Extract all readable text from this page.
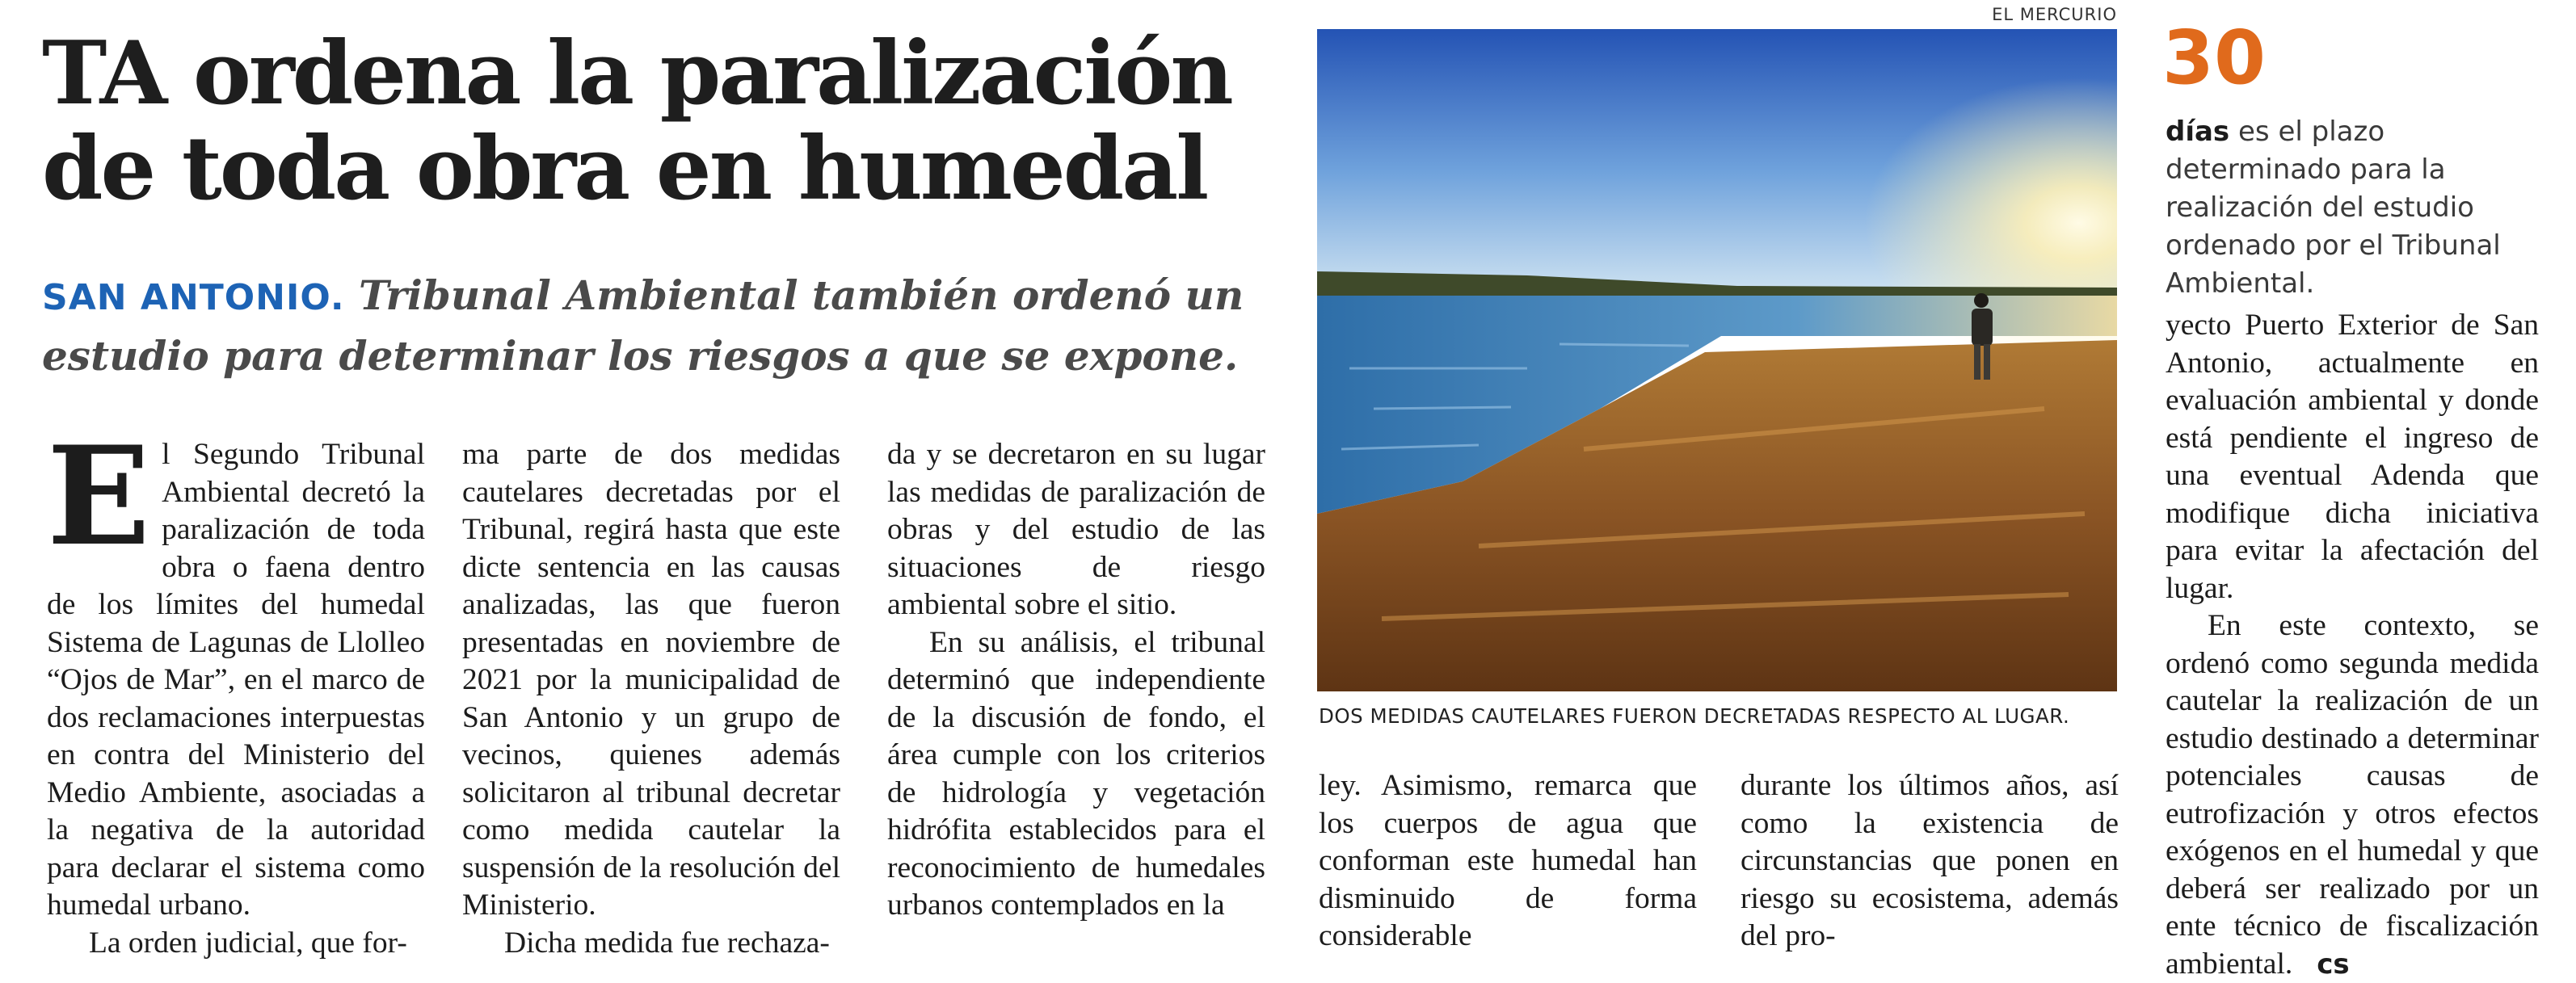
TA ordena la paralización
de toda obra en humedal

SAN ANTONIO. Tribunal Ambiental también ordenó un estudio para determinar los riesgos a que se expone.

El Segundo Tribunal Ambiental decretó la paralización de toda obra o faena dentro de los límites del humedal Sistema de Lagunas de Llolleo “Ojos de Mar”, en el marco de dos reclamaciones interpuestas en contra del Ministerio del Medio Ambiente, asociadas a la negativa de la autoridad para declarar el sistema como humedal urbano.

La orden judicial, que for-

ma parte de dos medidas cautelares decretadas por el Tribunal, regirá hasta que este dicte sentencia en las causas analizadas, las que fueron presentadas en noviembre de 2021 por la municipalidad de San Antonio y un grupo de vecinos, quienes además solicitaron al tribunal decretar como medida cautelar la suspensión de la resolución del Ministerio.

Dicha medida fue rechaza-

da y se decretaron en su lugar las medidas de paralización de obras y del estudio de las situaciones de riesgo ambiental sobre el sitio.

En su análisis, el tribunal determinó que independiente de la discusión de fondo, el área cumple con los criterios de hidrología y vegetación hidrófita establecidos para el reconocimiento de humedales urbanos contemplados en la

EL MERCURIO
DOS MEDIDAS CAUTELARES FUERON DECRETADAS RESPECTO AL LUGAR.

ley. Asimismo, remarca que los cuerpos de agua que conforman este humedal han disminuido de forma considerable

durante los últimos años, así como la existencia de circunstancias que ponen en riesgo su ecosistema, además del pro-

30

días es el plazo determinado para la realización del estudio ordenado por el Tribunal Ambiental.

yecto Puerto Exterior de San Antonio, actualmente en evaluación ambiental y donde está pendiente el ingreso de una eventual Adenda que modifique dicha iniciativa para evitar la afectación del lugar.

En este contexto, se ordenó como segunda medida cautelar la realización de un estudio destinado a determinar potenciales causas de eutrofización y otros efectos exógenos en el humedal y que deberá ser realizado por un ente técnico de fiscalización ambiental. cs
